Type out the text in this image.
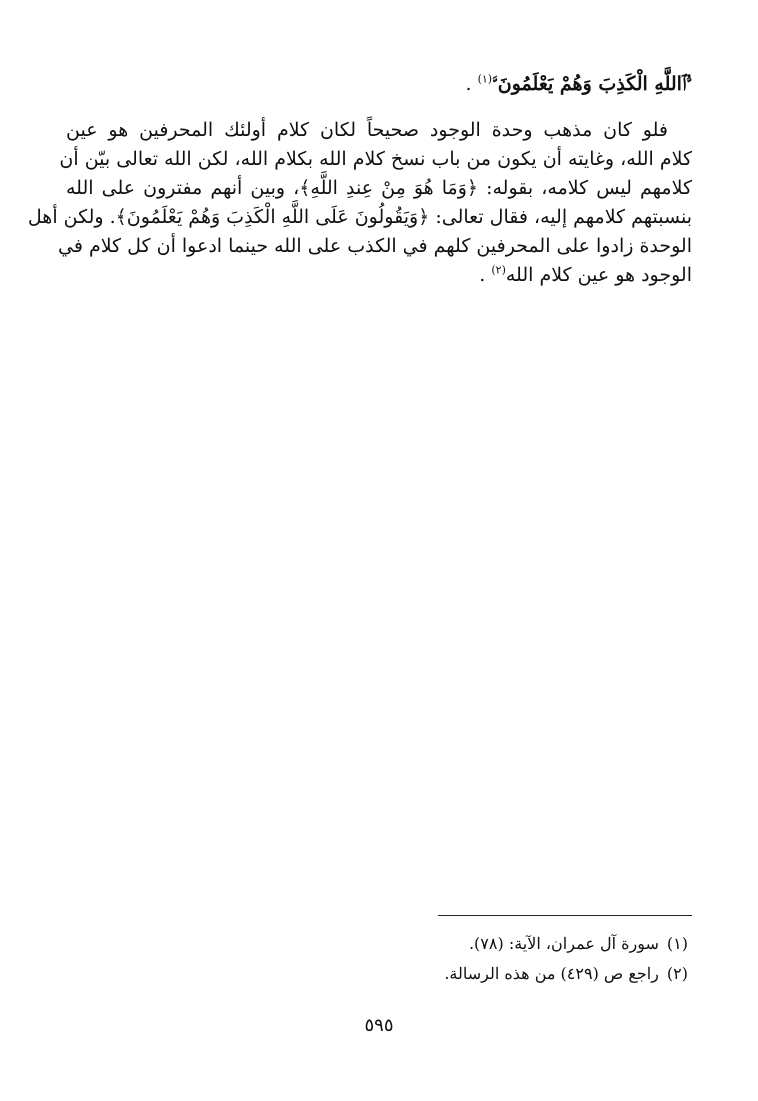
ﱡﭐاللَّهِ الْكَذِبَ وَهُمْ يَعْلَمُونَﱠ$^{(١)}$ .
فلو كان مذهب وحدة الوجود صحيحاً لكان كلام أولئك المحرفين هو عين
كلام الله، وغايته أن يكون من باب نسخ كلام الله بكلام الله، لكن الله تعالى بيّن أن
كلامهم ليس كلامه، بقوله: ﴿وَمَا هُوَ مِنْ عِندِ اللَّهِ﴾، وبين أنهم مفترون على الله
بنسبتهم كلامهم إليه، فقال تعالى: ﴿وَيَقُولُونَ عَلَى اللَّهِ الْكَذِبَ وَهُمْ يَعْلَمُونَ﴾. ولكن أهل
الوحدة زادوا على المحرفين كلهم في الكذب على الله حينما ادعوا أن كل كلام في
الوجود هو عين كلام الله$^{(٢)}$ .
(١)سورة آل عمران، الآية: (٧٨).
(٢)راجع ص (٤٢٩) من هذه الرسالة.
٥٩٥
